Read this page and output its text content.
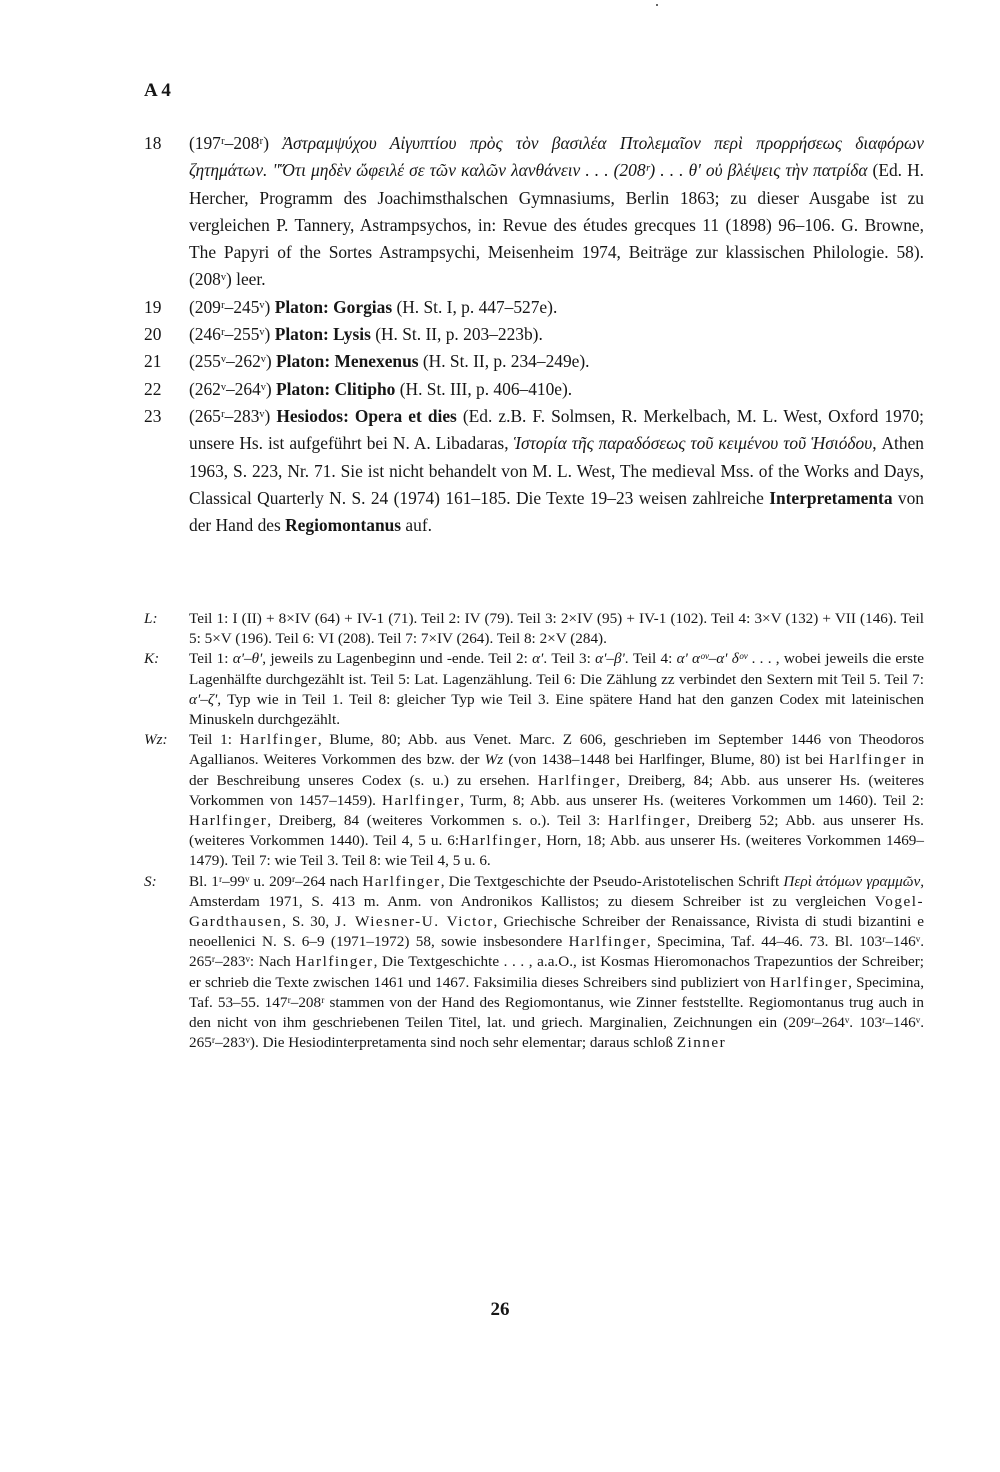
A 4
18	(197ʳ–208ʳ) Ἀστραμψύχου Αἰγυπτίου πρὸς τὸν βασιλέα Πτολεμαῖον περὶ προρρήσεως διαφόρων ζητημάτων. "Ὅτι μηδὲν ὤφειλέ σε τῶν καλῶν λανθάνειν . . . (208ʳ) . . . θ' οὐ βλέψεις τὴν πατρίδα (Ed. H. Hercher, Programm des Joachimsthalschen Gymnasiums, Berlin 1863; zu dieser Ausgabe ist zu vergleichen P. Tannery, Astrampsychos, in: Revue des études grecques 11 (1898) 96–106. G. Browne, The Papyri of the Sortes Astrampsychi, Meisenheim 1974, Beiträge zur klassischen Philologie. 58). (208ᵛ) leer.
19	(209ʳ–245ᵛ) Platon: Gorgias (H. St. I, p. 447–527e).
20	(246ʳ–255ᵛ) Platon: Lysis (H. St. II, p. 203–223b).
21	(255ᵛ–262ᵛ) Platon: Menexenus (H. St. II, p. 234–249e).
22	(262ᵛ–264ᵛ) Platon: Clitipho (H. St. III, p. 406–410e).
23	(265ʳ–283ᵛ) Hesiodos: Opera et dies (Ed. z.B. F. Solmsen, R. Merkelbach, M. L. West, Oxford 1970; unsere Hs. ist aufgeführt bei N. A. Libadaras, Ἱστορία τῆς παραδόσεως τοῦ κειμένου τοῦ Ἡσιόδου, Athen 1963, S. 223, Nr. 71. Sie ist nicht behandelt von M. L. West, The medieval Mss. of the Works and Days, Classical Quarterly N. S. 24 (1974) 161–185. Die Texte 19–23 weisen zahlreiche Interpretamenta von der Hand des Regiomontanus auf.
L:	Teil 1: I (II) + 8×IV (64) + IV-1 (71). Teil 2: IV (79). Teil 3: 2×IV (95) + IV-1 (102). Teil 4: 3×V (132) + VII (146). Teil 5: 5×V (196). Teil 6: VI (208). Teil 7: 7×IV (264). Teil 8: 2×V (284).
K:	Teil 1: α'–θ', jeweils zu Lagenbeginn und -ende. Teil 2: α'. Teil 3: α'–β'. Teil 4: α' αᵒᵛ–α' δᵒᵛ . . . , wobei jeweils die erste Lagenhälfte durchgezählt ist. Teil 5: Lat. Lagenzählung. Teil 6: Die Zählung zz verbindet den Sextern mit Teil 5. Teil 7: α'–ζ', Typ wie in Teil 1. Teil 8: gleicher Typ wie Teil 3. Eine spätere Hand hat den ganzen Codex mit lateinischen Minuskeln durchgezählt.
Wz:	Teil 1: Harlfinger, Blume, 80; Abb. aus Venet. Marc. Z 606, geschrieben im September 1446 von Theodoros Agallianos. Weiteres Vorkommen des bzw. der Wz (von 1438–1448 bei Harlfinger, Blume, 80) ist bei Harlfinger in der Beschreibung unseres Codex (s. u.) zu ersehen. Harlfinger, Dreiberg, 84; Abb. aus unserer Hs. (weiteres Vorkommen von 1457–1459). Harlfinger, Turm, 8; Abb. aus unserer Hs. (weiteres Vorkommen um 1460). Teil 2: Harlfinger, Dreiberg, 84 (weiteres Vorkommen s. o.). Teil 3: Harlfinger, Dreiberg 52; Abb. aus unserer Hs. (weiteres Vorkommen 1440). Teil 4, 5 u. 6:Harlfinger, Horn, 18; Abb. aus unserer Hs. (weiteres Vorkommen 1469–1479). Teil 7: wie Teil 3. Teil 8: wie Teil 4, 5 u. 6.
S:	Bl. 1ʳ–99ᵛ u. 209ʳ–264 nach Harlfinger, Die Textgeschichte der Pseudo-Aristotelischen Schrift Περὶ ἀτόμων γραμμῶν, Amsterdam 1971, S. 413 m. Anm. von Andronikos Kallistos; zu diesem Schreiber ist zu vergleichen Vogel-Gardthausen, S. 30, J. Wiesner-U. Victor, Griechische Schreiber der Renaissance, Rivista di studi bizantini e neoellenici N. S. 6–9 (1971–1972) 58, sowie insbesondere Harlfinger, Specimina, Taf. 44–46. 73. Bl. 103ʳ–146ᵛ. 265ʳ–283ᵛ: Nach Harlfinger, Die Textgeschichte . . . , a.a.O., ist Kosmas Hieromonachos Trapezuntios der Schreiber; er schrieb die Texte zwischen 1461 und 1467. Faksimilia dieses Schreibers sind publiziert von Harlfinger, Specimina, Taf. 53–55. 147ʳ–208ʳ stammen von der Hand des Regiomontanus, wie Zinner feststellte. Regiomontanus trug auch in den nicht von ihm geschriebenen Teilen Titel, lat. und griech. Marginalien, Zeichnungen ein (209ʳ–264ᵛ. 103ʳ–146ᵛ. 265ʳ–283ᵛ). Die Hesiodinterpretamenta sind noch sehr elementar; daraus schloß Zinner
26
